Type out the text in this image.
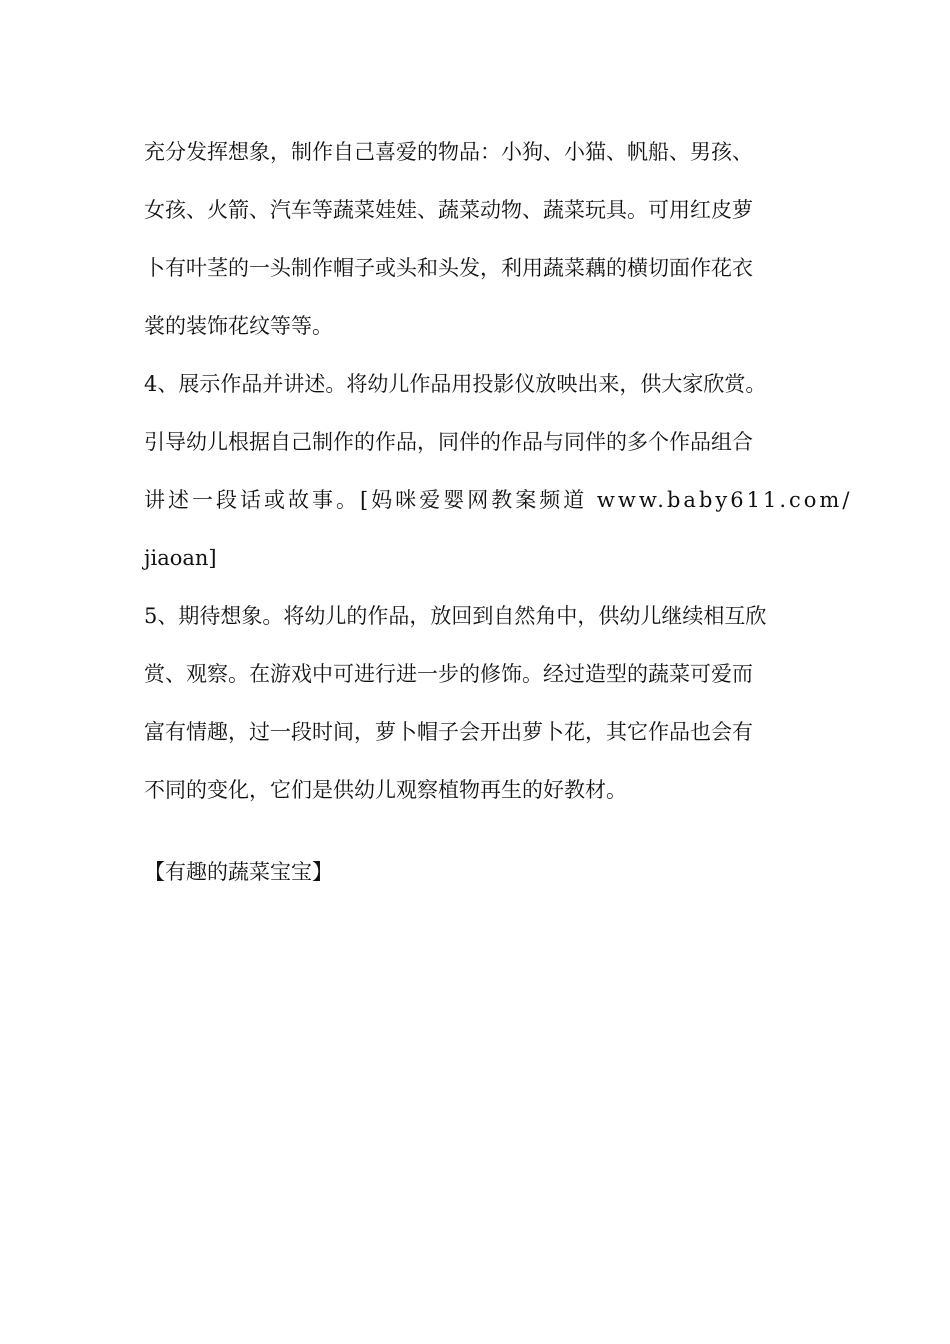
充分发挥想象，制作自己喜爱的物品：小狗、小猫、帆船、男孩、
女孩、火箭、汽车等蔬菜娃娃、蔬菜动物、蔬菜玩具。可用红皮萝
卜有叶茎的一头制作帽子或头和头发，利用蔬菜藕的横切面作花衣
裳的装饰花纹等等。
4、展示作品并讲述。将幼儿作品用投影仪放映出来，供大家欣赏。
引导幼儿根据自己制作的作品，同伴的作品与同伴的多个作品组合
讲述一段话或故事。[妈咪爱婴网教案频道 www.baby611.com/
jiaoan]
5、期待想象。将幼儿的作品，放回到自然角中，供幼儿继续相互欣
赏、观察。在游戏中可进行进一步的修饰。经过造型的蔬菜可爱而
富有情趣，过一段时间，萝卜帽子会开出萝卜花，其它作品也会有
不同的变化，它们是供幼儿观察植物再生的好教材。
【有趣的蔬菜宝宝】
